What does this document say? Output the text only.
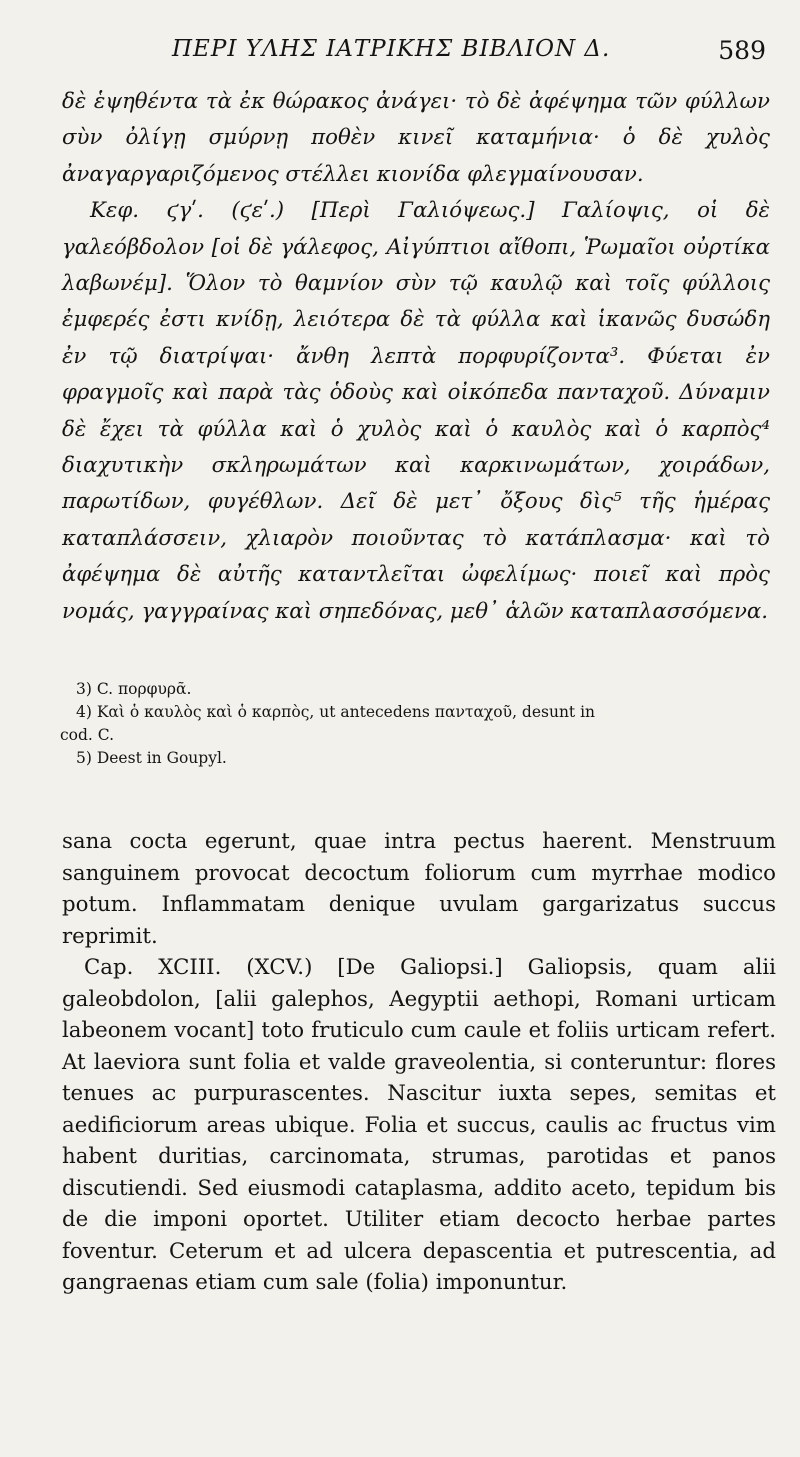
ΠΕΡΙ ΥΛΗΣ ΙΑΤΡΙΚΗΣ ΒΙΒΛΙΟΝ Δ.	589

δὲ ἑψηθέντα τὰ ἐκ θώρακος ἀνάγει· τὸ δὲ ἀφέψημα τῶν φύλλων σὺν ὀλίγῃ σμύρνῃ ποθὲν κινεῖ καταμήνια· ὁ δὲ χυλὸς ἀναγαργαριζόμενος στέλλει κιονίδα φλεγμαίνουσαν.

Κεφ. ϛγʹ. (ϛεʹ.) [Περὶ Γαλιόψεως.] Γαλίοψις, οἱ δὲ γαλεόβδολον [οἱ δὲ γάλεφος, Αἰγύπτιοι αἴθοπι, Ῥωμαῖοι οὐρτίκα λαβωνέμ]. Ὅλον τὸ θαμνίον σὺν τῷ καυλῷ καὶ τοῖς φύλλοις ἐμφερές ἐστι κνίδῃ, λειότερα δὲ τὰ φύλλα καὶ ἱκανῶς δυσώδη ἐν τῷ διατρίψαι· ἄνθη λεπτὰ πορφυρίζοντα³. Φύεται ἐν φραγμοῖς καὶ παρὰ τὰς ὁδοὺς καὶ οἰκόπεδα πανταχοῦ. Δύναμιν δὲ ἔχει τὰ φύλλα καὶ ὁ χυλὸς καὶ ὁ καυλὸς καὶ ὁ καρπὸς⁴ διαχυτικὴν σκληρωμάτων καὶ καρκινωμάτων, χοιράδων, παρωτίδων, φυγέθλων. Δεῖ δὲ μετ᾽ ὄξους δὶς⁵ τῆς ἡμέρας καταπλάσσειν, χλιαρὸν ποιοῦντας τὸ κατάπλασμα· καὶ τὸ ἀφέψημα δὲ αὐτῆς καταντλεῖται ὠφελίμως· ποιεῖ καὶ πρὸς νομάς, γαγγραίνας καὶ σηπεδόνας, μεθ᾽ ἁλῶν καταπλασσόμενα.

3) C. πορφυρᾶ.

4) Καὶ ὁ καυλὸς καὶ ὁ καρπὸς, ut antecedens πανταχοῦ, desunt in

cod. C.

5) Deest in Goupyl.

sana cocta egerunt, quae intra pectus haerent. Menstruum sanguinem provocat decoctum foliorum cum myrrhae modico potum. Inflammatam denique uvulam gargarizatus succus reprimit.

Cap. XCIII. (XCV.) [De Galiopsi.] Galiopsis, quam alii galeobdolon, [alii galephos, Aegyptii aethopi, Romani urticam labeonem vocant] toto fruticulo cum caule et foliis urticam refert. At laeviora sunt folia et valde graveolentia, si conteruntur: flores tenues ac purpurascentes. Nascitur iuxta sepes, semitas et aedificiorum areas ubique. Folia et succus, caulis ac fructus vim habent duritias, carcinomata, strumas, parotidas et panos discutiendi. Sed eiusmodi cataplasma, addito aceto, tepidum bis de die imponi oportet. Utiliter etiam decocto herbae partes foventur. Ceterum et ad ulcera depascentia et putrescentia, ad gangraenas etiam cum sale (folia) imponuntur.
